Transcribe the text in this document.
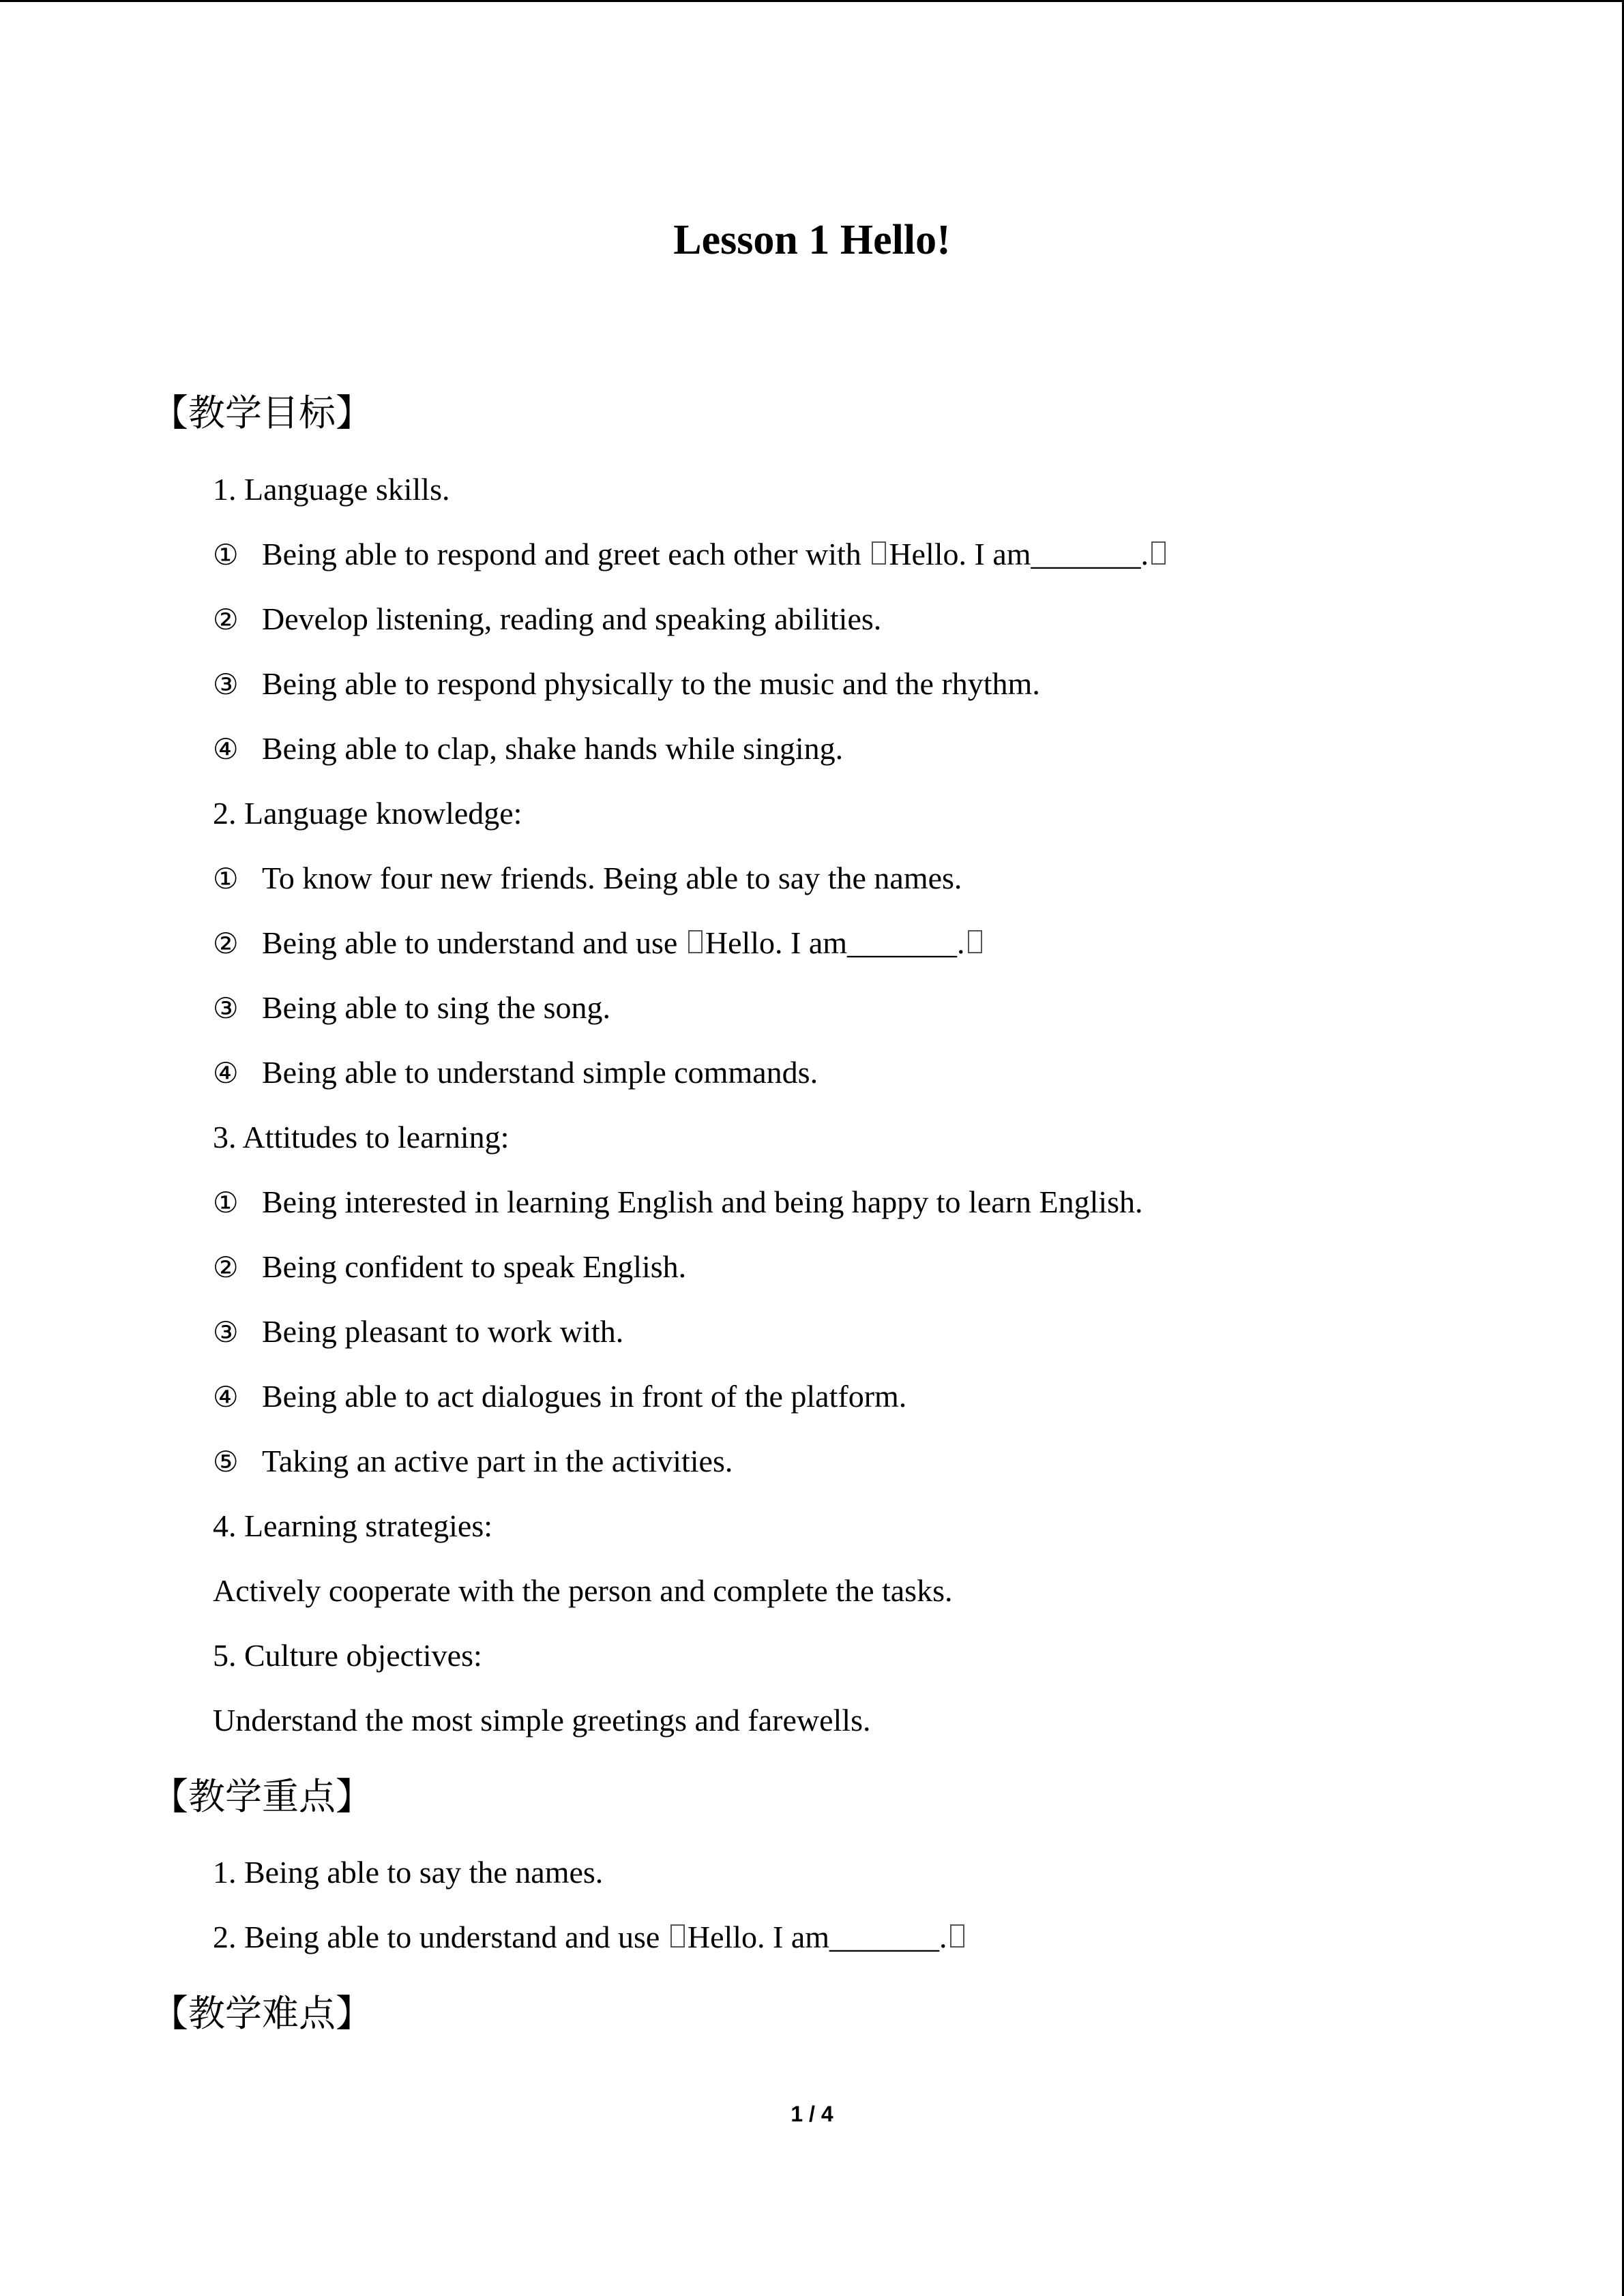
Lesson 1 Hello!
【教学目标】
1. Language skills.
① Being able to respond and greet each other with Hello. I am_______.
② Develop listening, reading and speaking abilities.
③ Being able to respond physically to the music and the rhythm.
④ Being able to clap, shake hands while singing.
2. Language knowledge:
① To know four new friends. Being able to say the names.
② Being able to understand and use Hello. I am_______.
③ Being able to sing the song.
④ Being able to understand simple commands.
3. Attitudes to learning:
① Being interested in learning English and being happy to learn English.
② Being confident to speak English.
③ Being pleasant to work with.
④ Being able to act dialogues in front of the platform.
⑤ Taking an active part in the activities.
4. Learning strategies:
Actively cooperate with the person and complete the tasks.
5. Culture objectives:
Understand the most simple greetings and farewells.
【教学重点】
1. Being able to say the names.
2. Being able to understand and use Hello. I am_______.
【教学难点】
1 / 4
